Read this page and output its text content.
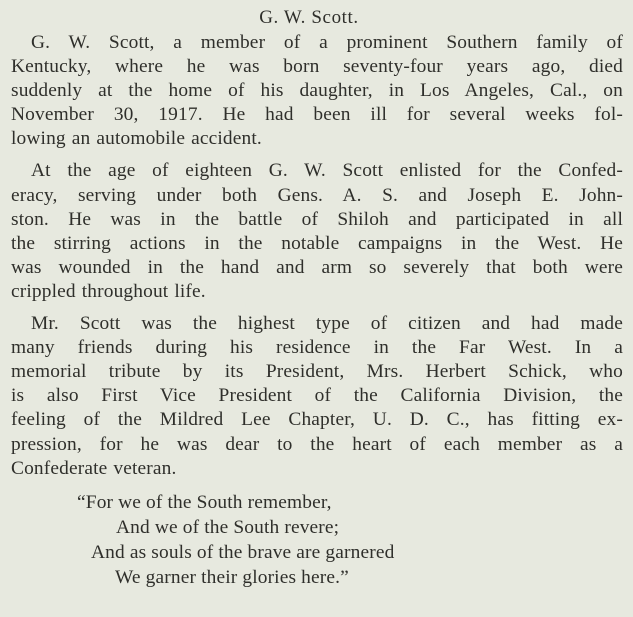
G. W. Scott.
G. W. Scott, a member of a prominent Southern family of
Kentucky, where he was born seventy-four years ago, died
suddenly at the home of his daughter, in Los Angeles, Cal., on
November 30, 1917. He had been ill for several weeks fol-
lowing an automobile accident.
At the age of eighteen G. W. Scott enlisted for the Confed-
eracy, serving under both Gens. A. S. and Joseph E. John-
ston. He was in the battle of Shiloh and participated in all
the stirring actions in the notable campaigns in the West. He
was wounded in the hand and arm so severely that both were
crippled throughout life.
Mr. Scott was the highest type of citizen and had made
many friends during his residence in the Far West. In a
memorial tribute by its President, Mrs. Herbert Schick, who
is also First Vice President of the California Division, the
feeling of the Mildred Lee Chapter, U. D. C., has fitting ex-
pression, for he was dear to the heart of each member as a
Confederate veteran.
“For we of the South remember,
And we of the South revere;
And as souls of the brave are garnered
We garner their glories here.”
